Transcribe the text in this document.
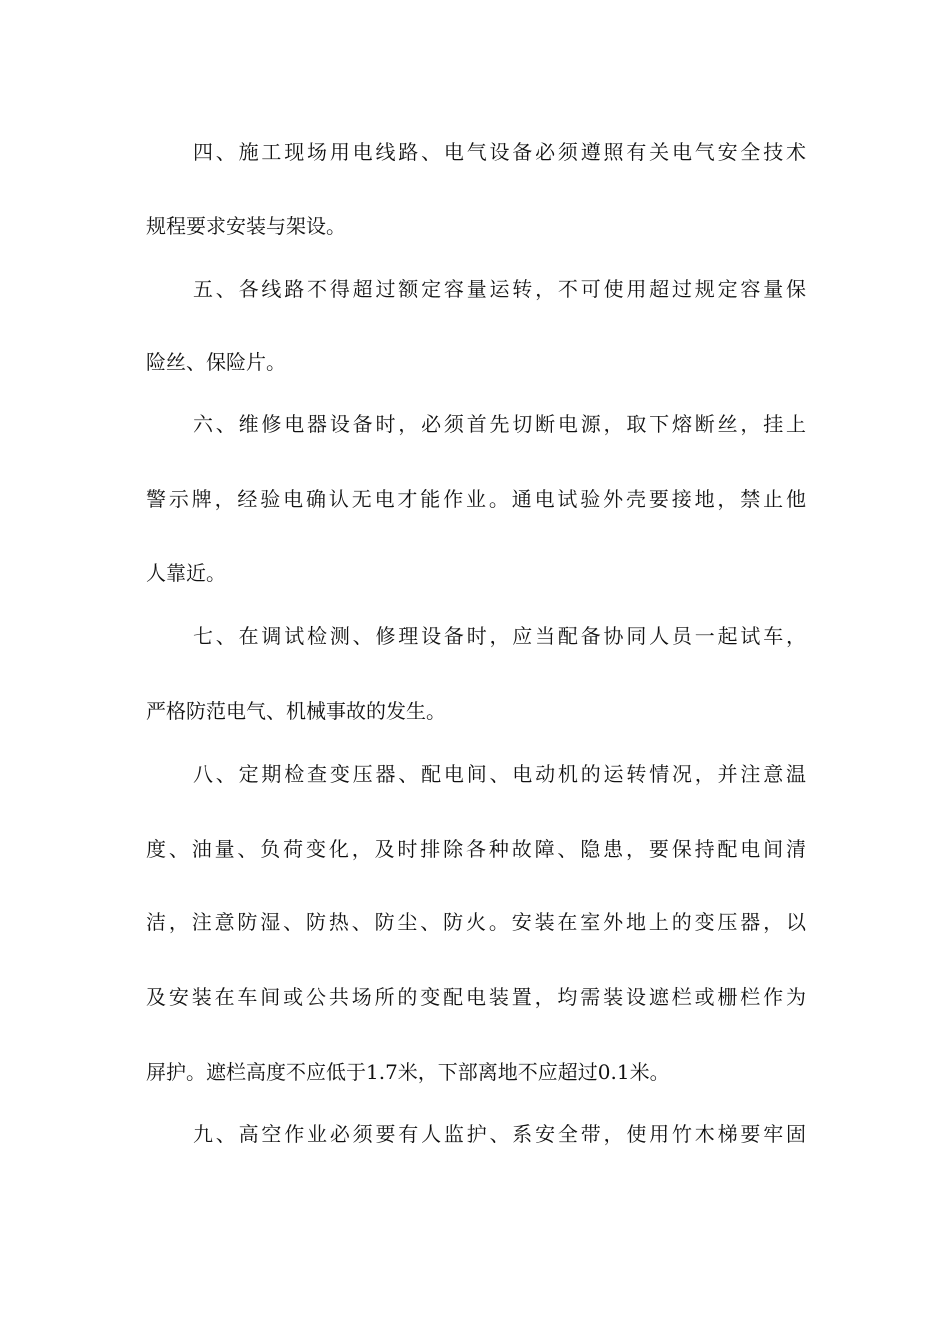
四、施工现场用电线路、电气设备必须遵照有关电气安全技术
规程要求安装与架设。
五、各线路不得超过额定容量运转，不可使用超过规定容量保
险丝、保险片。
六、维修电器设备时，必须首先切断电源，取下熔断丝，挂上
警示牌，经验电确认无电才能作业。通电试验外壳要接地，禁止他
人靠近。
七、在调试检测、修理设备时，应当配备协同人员一起试车，
严格防范电气、机械事故的发生。
八、定期检查变压器、配电间、电动机的运转情况，并注意温
度、油量、负荷变化，及时排除各种故障、隐患，要保持配电间清
洁，注意防湿、防热、防尘、防火。安装在室外地上的变压器，以
及安装在车间或公共场所的变配电装置，均需装设遮栏或栅栏作为
屏护。遮栏高度不应低于1.7米，下部离地不应超过0.1米。
九、高空作业必须要有人监护、系安全带，使用竹木梯要牢固
